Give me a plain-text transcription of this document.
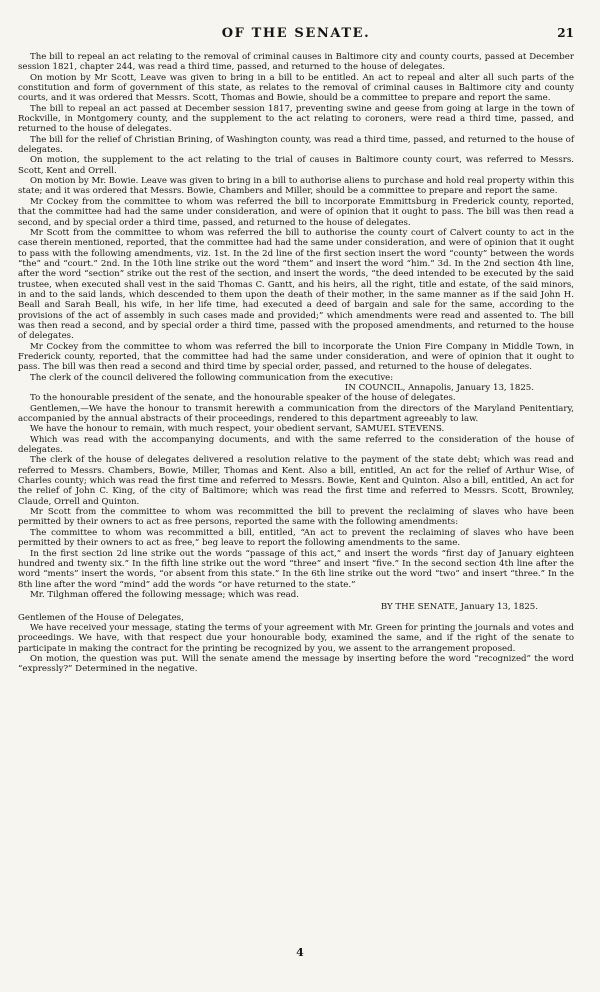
OF THE SENATE.	21

The bill to repeal an act relating to the removal of criminal causes in Baltimore city and county courts, passed at December session 1821, chapter 244, was read a third time, passed, and returned to the house of delegates.

On motion by Mr Scott, Leave was given to bring in a bill to be entitled. An act to repeal and alter all such parts of the constitution and form of government of this state, as relates to the removal of criminal causes in Baltimore city and county courts, and it was ordered that Messrs. Scott, Thomas and Bowie, should be a committee to prepare and report the same.

The bill to repeal an act passed at December session 1817, preventing swine and geese from going at large in the town of Rockville, in Montgomery county, and the supplement to the act relating to coroners, were read a third time, passed, and returned to the house of delegates.

The bill for the relief of Christian Brining, of Washington county, was read a third time, passed, and returned to the house of delegates.

On motion, the supplement to the act relating to the trial of causes in Baltimore county court, was referred to Messrs. Scott, Kent and Orrell.

On motion by Mr. Bowie. Leave was given to bring in a bill to authorise aliens to purchase and hold real property within this state; and it was ordered that Messrs. Bowie, Chambers and Miller, should be a committee to prepare and report the same.

Mr Cockey from the committee to whom was referred the bill to incorporate Emmittsburg in Frederick county, reported, that the committee had had the same under consideration, and were of opinion that it ought to pass. The bill was then read a second, and by special order a third time, passed, and returned to the house of delegates.

Mr Scott from the committee to whom was referred the bill to authorise the county court of Calvert county to act in the case therein mentioned, reported, that the committee had had the same under consideration, and were of opinion that it ought to pass with the following amendments, viz. 1st. In the 2d line of the first section insert the word “county” between the words “the” and “court.” 2nd. In the 10th line strike out the word “them” and insert the word “him.” 3d. In the 2nd section 4th line, after the word “section” strike out the rest of the section, and insert the words, “the deed intended to be executed by the said trustee, when executed shall vest in the said Thomas C. Gantt, and his heirs, all the right, title and estate, of the said minors, in and to the said lands, which descended to them upon the death of their mother, in the same manner as if the said John H. Beall and Sarah Beall, his wife, in her life time, had executed a deed of bargain and sale for the same, according to the provisions of the act of assembly in such cases made and provided;” which amendments were read and assented to. The bill was then read a second, and by special order a third time, passed with the proposed amendments, and returned to the house of delegates.

Mr Cockey from the committee to whom was referred the bill to incorporate the Union Fire Company in Middle Town, in Frederick county, reported, that the committee had had the same under consideration, and were of opinion that it ought to pass. The bill was then read a second and third time by special order, passed, and returned to the house of delegates.

The clerk of the council delivered the following communication from the executive:

IN COUNCIL, Annapolis, January 13, 1825.

To the honourable president of the senate, and the honourable speaker of the house of delegates.

Gentlemen,—We have the honour to transmit herewith a communication from the directors of the Maryland Penitentiary, accompanied by the annual abstracts of their proceedings, rendered to this department agreeably to law.

We have the honour to remain, with much respect, your obedient servant, SAMUEL STEVENS.

Which was read with the accompanying documents, and with the same referred to the consideration of the house of delegates.

The clerk of the house of delegates delivered a resolution relative to the payment of the state debt; which was read and referred to Messrs. Chambers, Bowie, Miller, Thomas and Kent. Also a bill, entitled, An act for the relief of Arthur Wise, of Charles county; which was read the first time and referred to Messrs. Bowie, Kent and Quinton. Also a bill, entitled, An act for the relief of John C. King, of the city of Baltimore; which was read the first time and referred to Messrs. Scott, Brownley, Claude, Orrell and Quinton.

Mr Scott from the committee to whom was recommitted the bill to prevent the reclaiming of slaves who have been permitted by their owners to act as free persons, reported the same with the following amendments:

The committee to whom was recommitted a bill, entitled, “An act to prevent the reclaiming of slaves who have been permitted by their owners to act as free,” beg leave to report the following amendments to the same.

In the first section 2d line strike out the words “passage of this act,” and insert the words “first day of January eighteen hundred and twenty six.” In the fifth line strike out the word “three” and insert “five.” In the second section 4th line after the word “ments” insert the words, “or absent from this state.” In the 6th line strike out the word “two” and insert “three.” In the 8th line after the word “mind” add the words “or have returned to the state.”

Mr. Tilghman offered the following message; which was read.

BY THE SENATE, January 13, 1825.

Gentlemen of the House of Delegates,

We have received your message, stating the terms of your agreement with Mr. Green for printing the journals and votes and proceedings. We have, with that respect due your honourable body, examined the same, and if the right of the senate to participate in making the contract for the printing be recognized by you, we assent to the arrangement proposed.

On motion, the question was put. Will the senate amend the message by inserting before the word “recognized” the word “expressly?” Determined in the negative.

4
